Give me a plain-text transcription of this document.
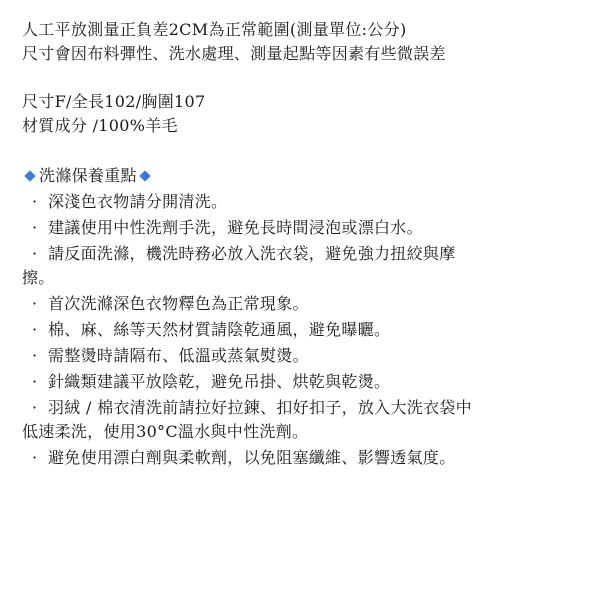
人工平放測量正負差2CM為正常範圍(測量單位:公分)
尺寸會因布料彈性、洗水處理、測量起點等因素有些微誤差
尺寸F/全長102/胸圍107
材質成分 /100%羊毛
洗滌保養重點
· 深淺色衣物請分開清洗。
· 建議使用中性洗劑手洗，避免長時間浸泡或漂白水。
· 請反面洗滌，機洗時務必放入洗衣袋，避免強力扭絞與摩
擦。
· 首次洗滌深色衣物釋色為正常現象。
· 棉、麻、絲等天然材質請陰乾通風，避免曝曬。
· 需整燙時請隔布、低溫或蒸氣熨燙。
· 針織類建議平放陰乾，避免吊掛、烘乾與乾燙。
· 羽絨 / 棉衣清洗前請拉好拉鍊、扣好扣子，放入大洗衣袋中
低速柔洗，使用30°C溫水與中性洗劑。
· 避免使用漂白劑與柔軟劑，以免阻塞纖維、影響透氣度。
